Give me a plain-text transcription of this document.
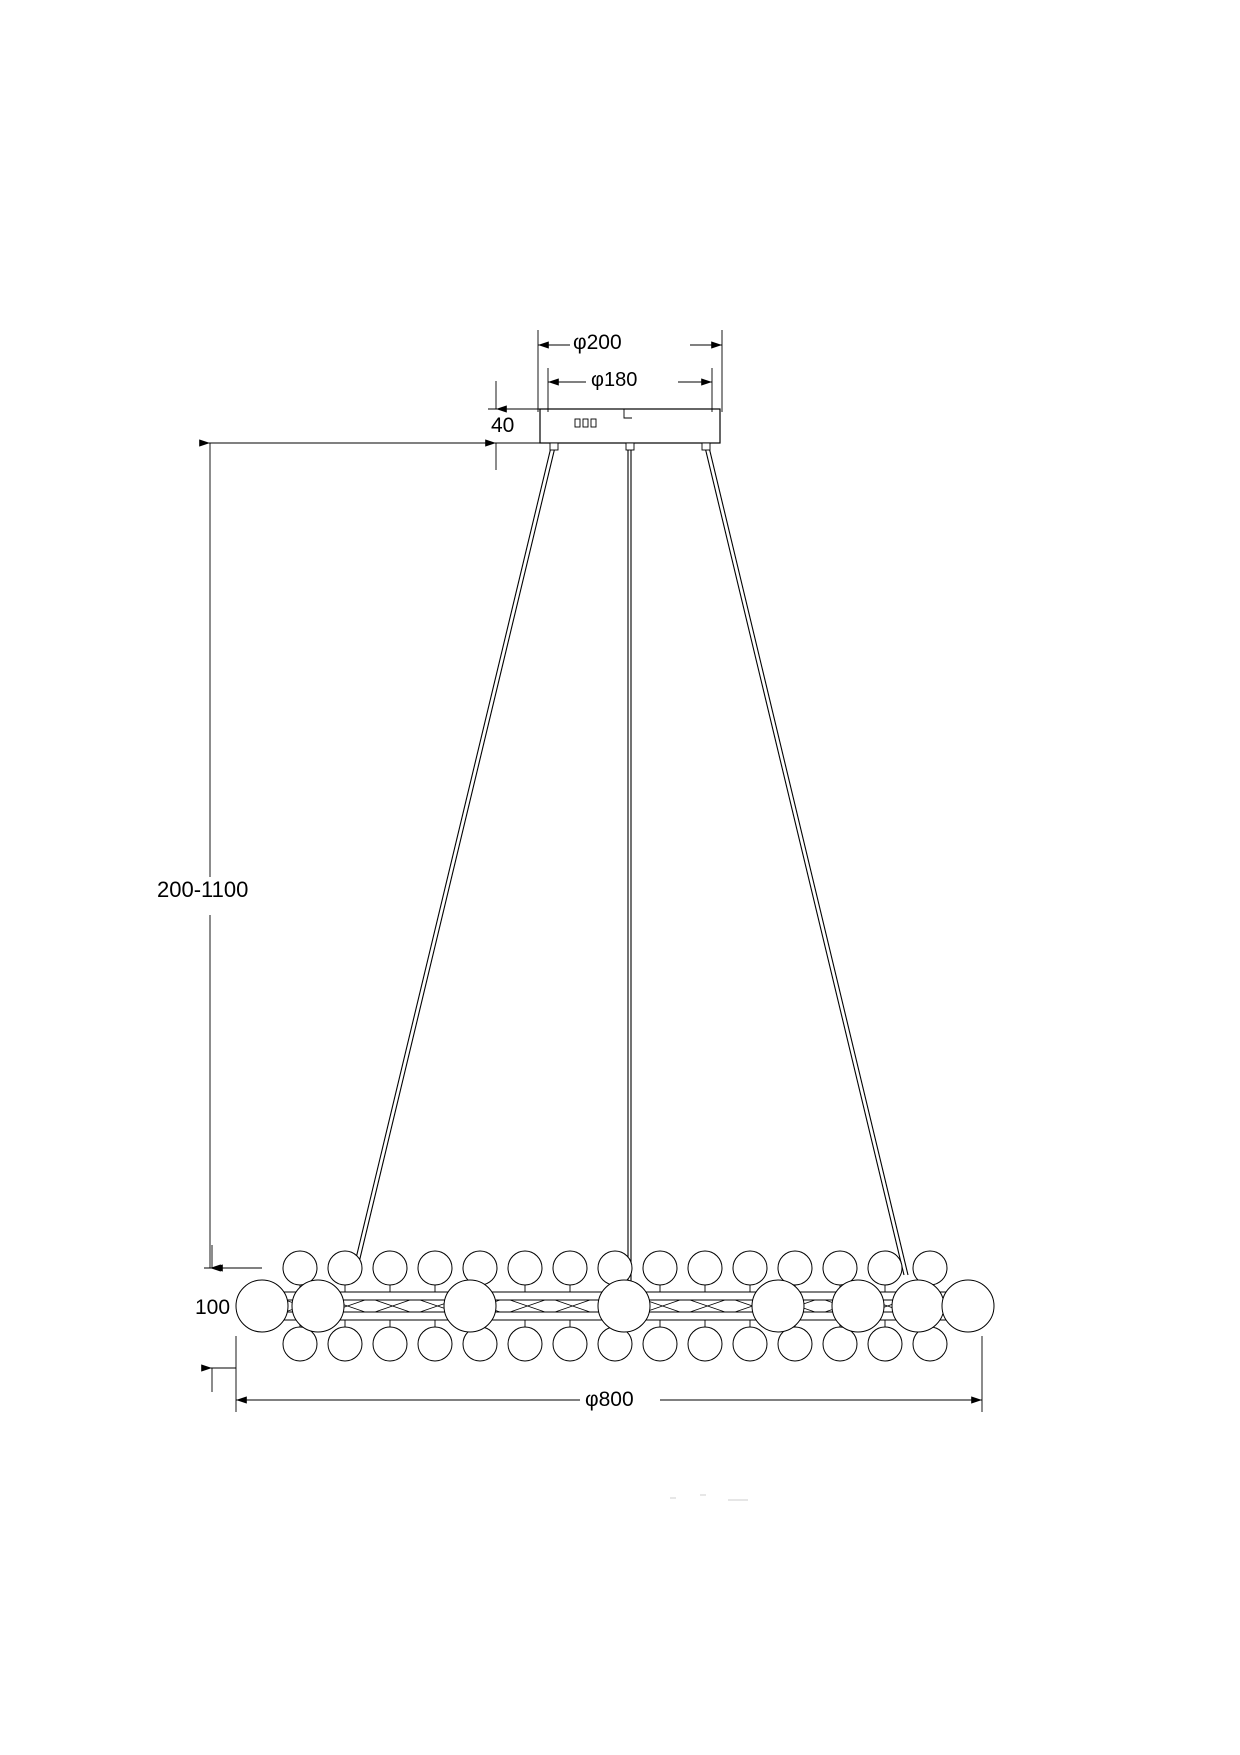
φ200
φ180
40
200-1100
100
φ800
